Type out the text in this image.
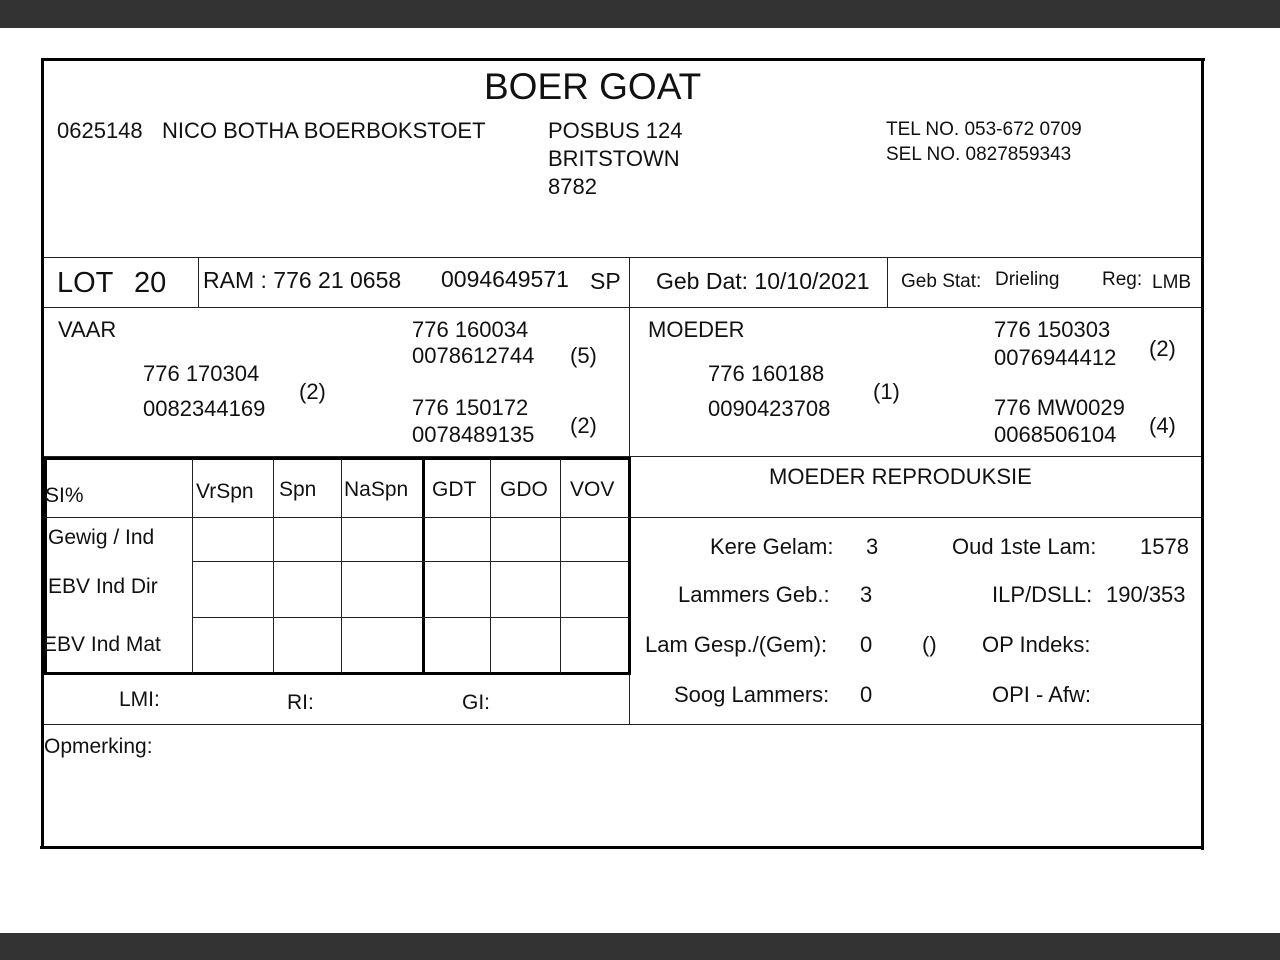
BOER GOAT
0625148 NICO BOTHA BOERBOKSTOET	POSBUS 124
BRITSTOWN
8782
TEL NO. 053-672 0709
SEL NO. 0827859343
LOT 20 RAM : 776 21 0658 0094649571 SP Geb Dat: 10/10/2021 Geb Stat: Drieling Reg: LMB
VAAR
776 170304
0082344169
(2)
776 160034
0078612744 (5)
776 150172
0078489135 (2)
MOEDER
776 160188
0090423708
(1)
776 150303
0076944412 (2)
776 MW0029
0068506104 (4)
SI%	VrSpn Spn NaSpn GDT GDO VOV
Gewig / Ind
EBV Ind Dir
EBV Ind Mat
LMI:	RI:	GI:
MOEDER REPRODUKSIE
Kere Gelam: 3	Oud 1ste Lam: 1578
Lammers Geb.: 3	ILP/DSLL: 190/353
Lam Gesp./(Gem): 0 () OP Indeks:
Soog Lammers: 0	OPI - Afw:
Opmerking:
